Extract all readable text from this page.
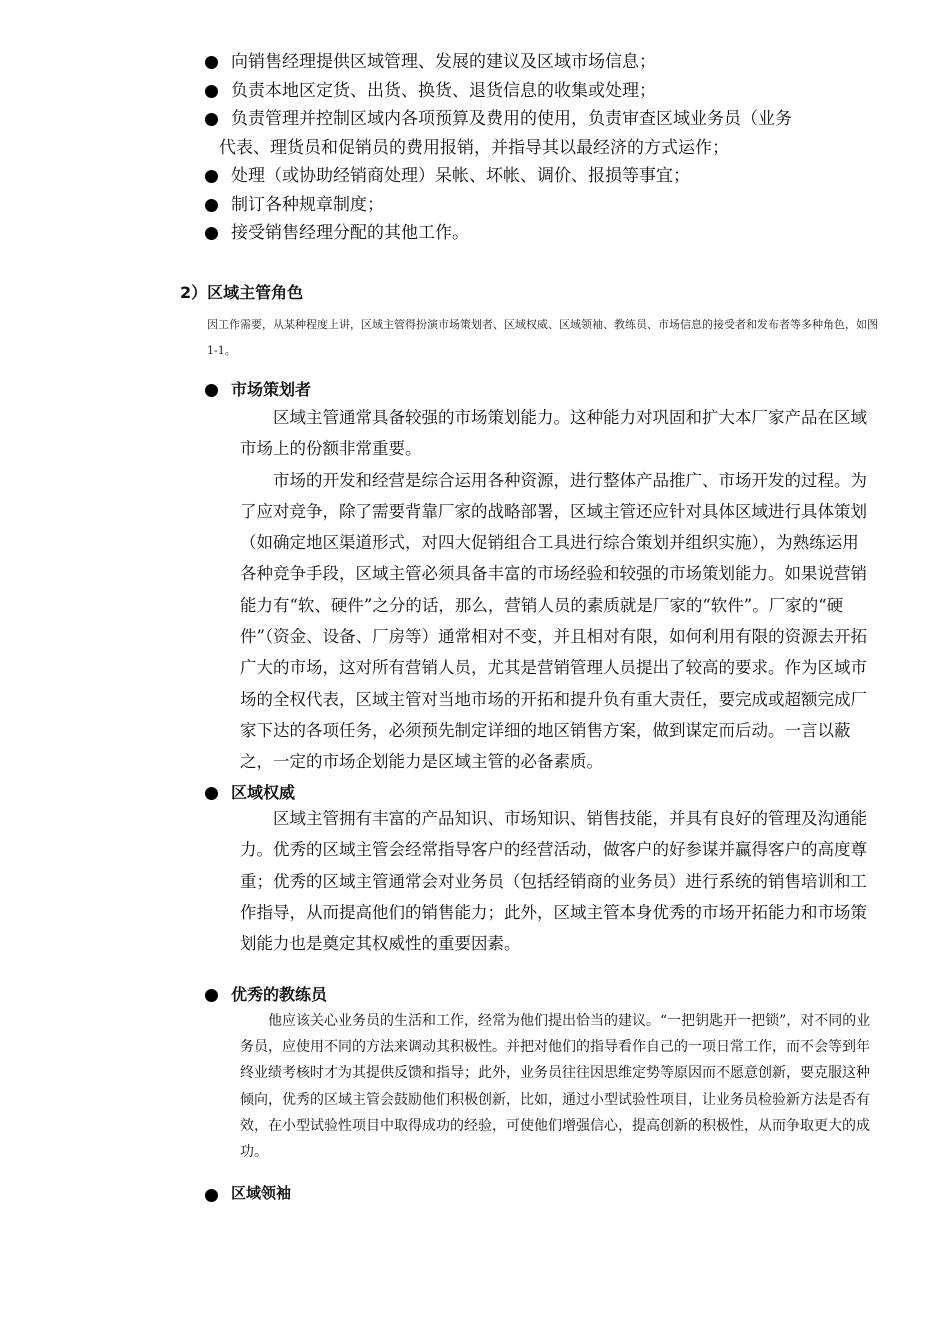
向销售经理提供区域管理、发展的建议及区域市场信息；
负责本地区定货、出货、换货、退货信息的收集或处理；
负责管理并控制区域内各项预算及费用的使用，负责审查区域业务员（业务
代表、理货员和促销员的费用报销，并指导其以最经济的方式运作；
处理（或协助经销商处理）呆帐、坏帐、调价、报损等事宜；
制订各种规章制度；
接受销售经理分配的其他工作。
2）区域主管角色
因工作需要，从某种程度上讲，区域主管得扮演市场策划者、区域权威、区域领袖、教练员、市场信息的接受者和发布者等多种角色，如图 1-1。
市场策划者

区域主管通常具备较强的市场策划能力。这种能力对巩固和扩大本厂家产品在区域市场上的份额非常重要。

市场的开发和经营是综合运用各种资源，进行整体产品推广、市场开发的过程。为了应对竞争，除了需要背靠厂家的战略部署，区域主管还应针对具体区域进行具体策划（如确定地区渠道形式，对四大促销组合工具进行综合策划并组织实施），为熟练运用各种竞争手段，区域主管必须具备丰富的市场经验和较强的市场策划能力。如果说营销能力有“软、硬件”之分的话，那么，营销人员的素质就是厂家的“软件”。厂家的“硬件”（资金、设备、厂房等）通常相对不变，并且相对有限，如何利用有限的资源去开拓广大的市场，这对所有营销人员，尤其是营销管理人员提出了较高的要求。作为区域市场的全权代表，区域主管对当地市场的开拓和提升负有重大责任，要完成或超额完成厂家下达的各项任务，必须预先制定详细的地区销售方案，做到谋定而后动。一言以蔽之，一定的市场企划能力是区域主管的必备素质。

区域权威

区域主管拥有丰富的产品知识、市场知识、销售技能，并具有良好的管理及沟通能力。优秀的区域主管会经常指导客户的经营活动，做客户的好参谋并赢得客户的高度尊重；优秀的区域主管通常会对业务员（包括经销商的业务员）进行系统的销售培训和工作指导，从而提高他们的销售能力；此外，区域主管本身优秀的市场开拓能力和市场策划能力也是奠定其权威性的重要因素。

优秀的教练员

他应该关心业务员的生活和工作，经常为他们提出恰当的建议。“一把钥匙开一把锁”，对不同的业务员，应使用不同的方法来调动其积极性。并把对他们的指导看作自己的一项日常工作，而不会等到年终业绩考核时才为其提供反馈和指导；此外，业务员往往因思维定势等原因而不愿意创新，要克服这种倾向，优秀的区域主管会鼓励他们积极创新，比如，通过小型试验性项目，让业务员检验新方法是否有效，在小型试验性项目中取得成功的经验，可使他们增强信心，提高创新的积极性，从而争取更大的成功。

区域领袖
